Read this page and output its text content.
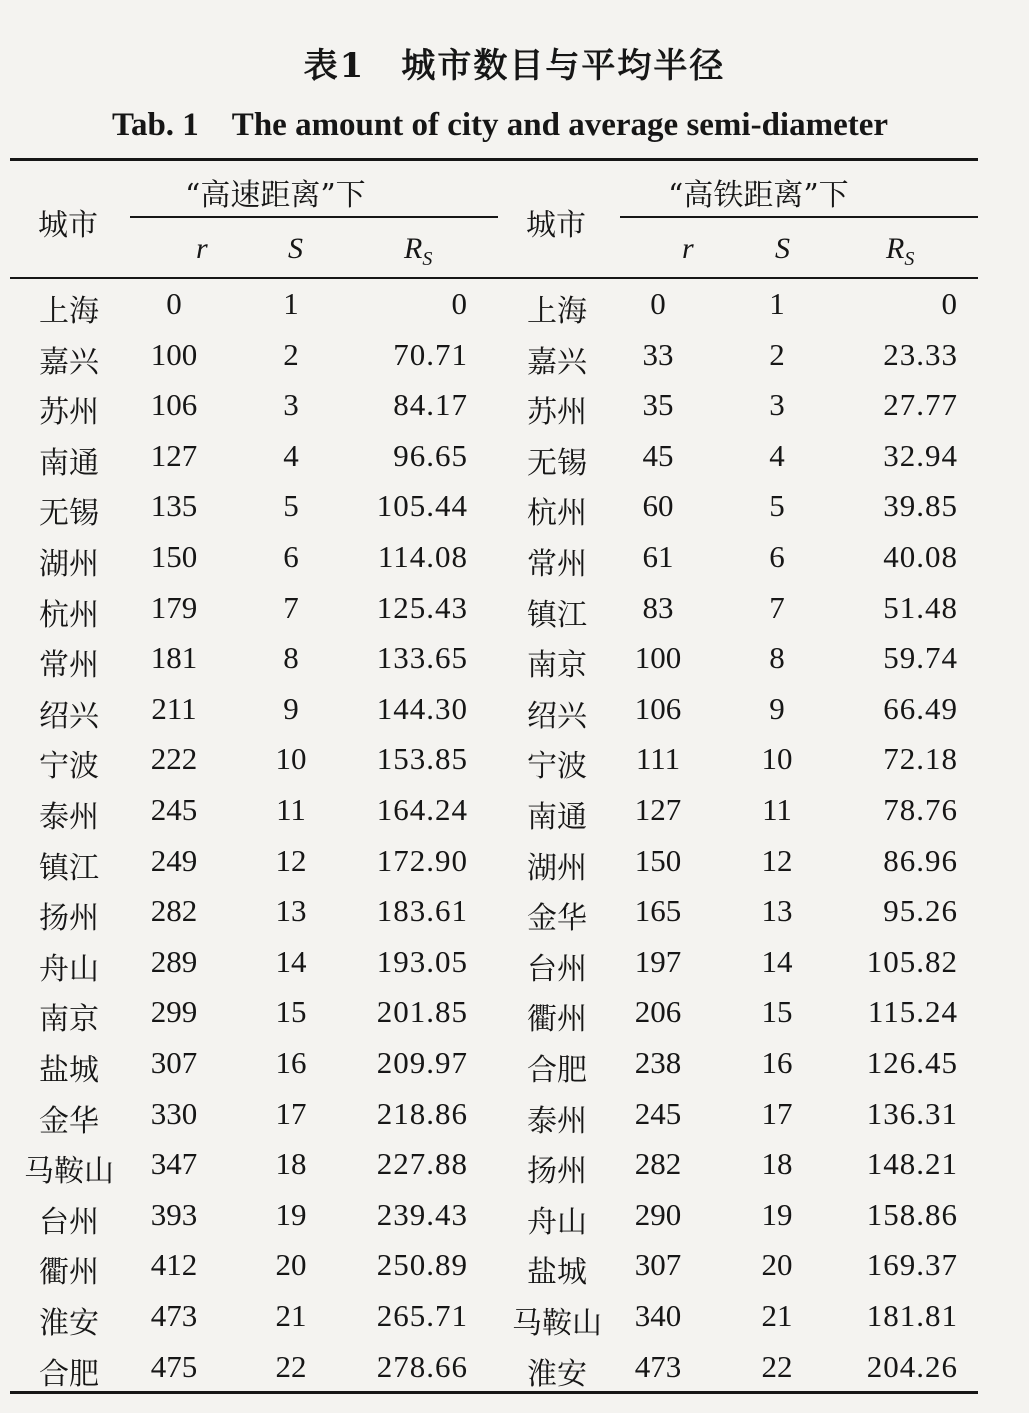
表1　城市数目与平均半径
Tab. 1　The amount of city and average semi-diameter
城市
“高速距离”下
r	S	$R_S$
城市
“高铁距离”下
r	S	$R_S$
上海	0	1	0	上海	0	1	0
嘉兴	100	2	70.71	嘉兴	33	2	23.33
苏州	106	3	84.17	苏州	35	3	27.77
南通	127	4	96.65	无锡	45	4	32.94
无锡	135	5	105.44	杭州	60	5	39.85
湖州	150	6	114.08	常州	61	6	40.08
杭州	179	7	125.43	镇江	83	7	51.48
常州	181	8	133.65	南京	100	8	59.74
绍兴	211	9	144.30	绍兴	106	9	66.49
宁波	222	10	153.85	宁波	111	10	72.18
泰州	245	11	164.24	南通	127	11	78.76
镇江	249	12	172.90	湖州	150	12	86.96
扬州	282	13	183.61	金华	165	13	95.26
舟山	289	14	193.05	台州	197	14	105.82
南京	299	15	201.85	衢州	206	15	115.24
盐城	307	16	209.97	合肥	238	16	126.45
金华	330	17	218.86	泰州	245	17	136.31
马鞍山	347	18	227.88	扬州	282	18	148.21
台州	393	19	239.43	舟山	290	19	158.86
衢州	412	20	250.89	盐城	307	20	169.37
淮安	473	21	265.71	马鞍山	340	21	181.81
合肥	475	22	278.66	淮安	473	22	204.26
